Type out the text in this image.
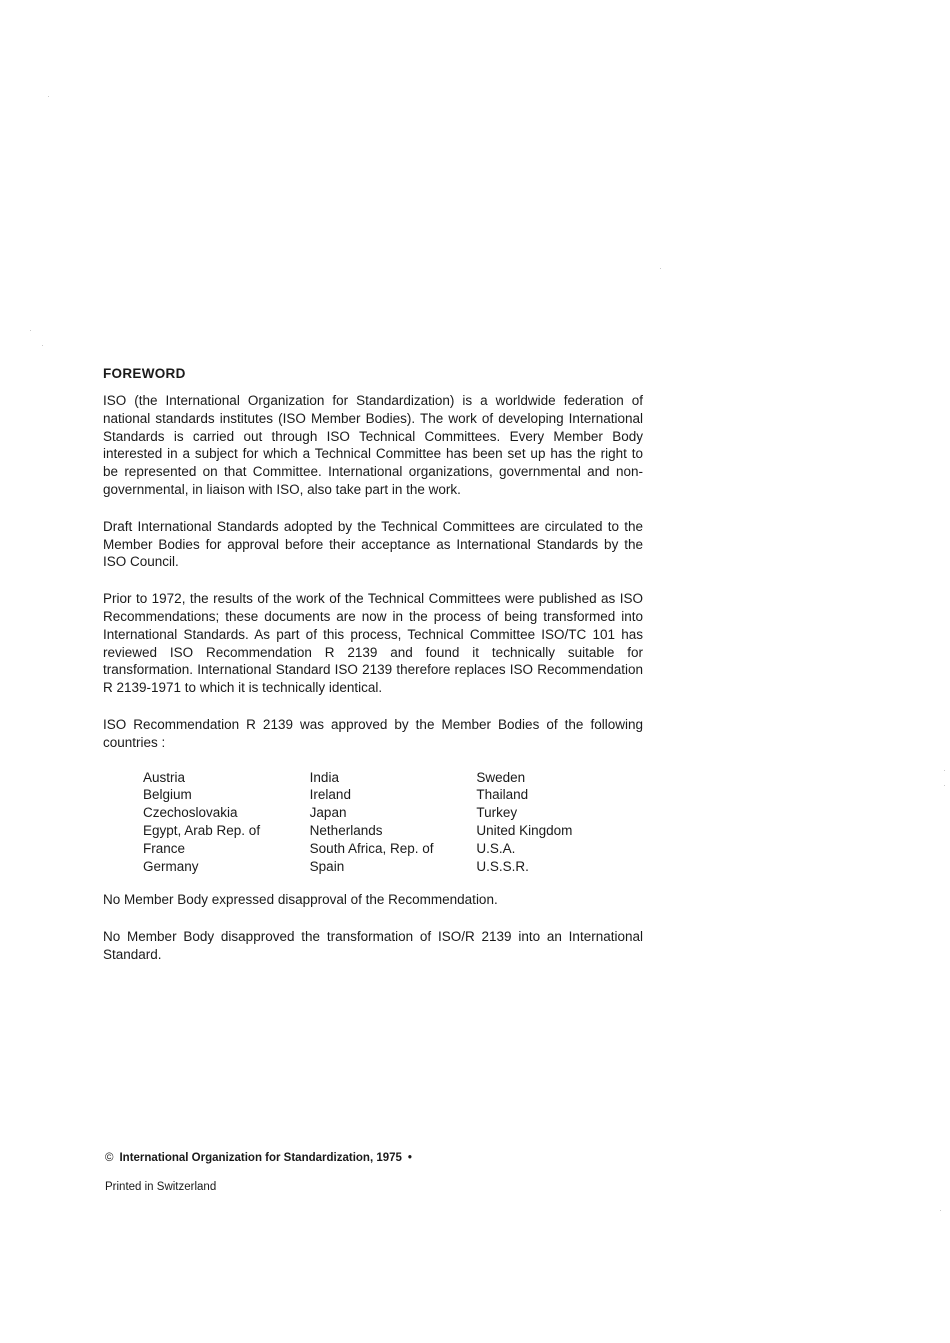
FOREWORD

ISO (the International Organization for Standardization) is a worldwide federation of national standards institutes (ISO Member Bodies). The work of developing International Standards is carried out through ISO Technical Committees. Every Member Body interested in a subject for which a Technical Committee has been set up has the right to be represented on that Committee. International organizations, governmental and non-governmental, in liaison with ISO, also take part in the work.

Draft International Standards adopted by the Technical Committees are circulated to the Member Bodies for approval before their acceptance as International Standards by the ISO Council.

Prior to 1972, the results of the work of the Technical Committees were published as ISO Recommendations; these documents are now in the process of being transformed into International Standards. As part of this process, Technical Committee ISO/TC 101 has reviewed ISO Recommendation R 2139 and found it technically suitable for transformation. International Standard ISO 2139 therefore replaces ISO Recommendation R 2139-1971 to which it is technically identical.

ISO Recommendation R 2139 was approved by the Member Bodies of the following countries :

Austria
Belgium
Czechoslovakia
Egypt, Arab Rep. of
France
Germany
India
Ireland
Japan
Netherlands
South Africa, Rep. of
Spain
Sweden
Thailand
Turkey
United Kingdom
U.S.A.
U.S.S.R.

No Member Body expressed disapproval of the Recommendation.

No Member Body disapproved the transformation of ISO/R 2139 into an International Standard.

© International Organization for Standardization, 1975 •
Printed in Switzerland
